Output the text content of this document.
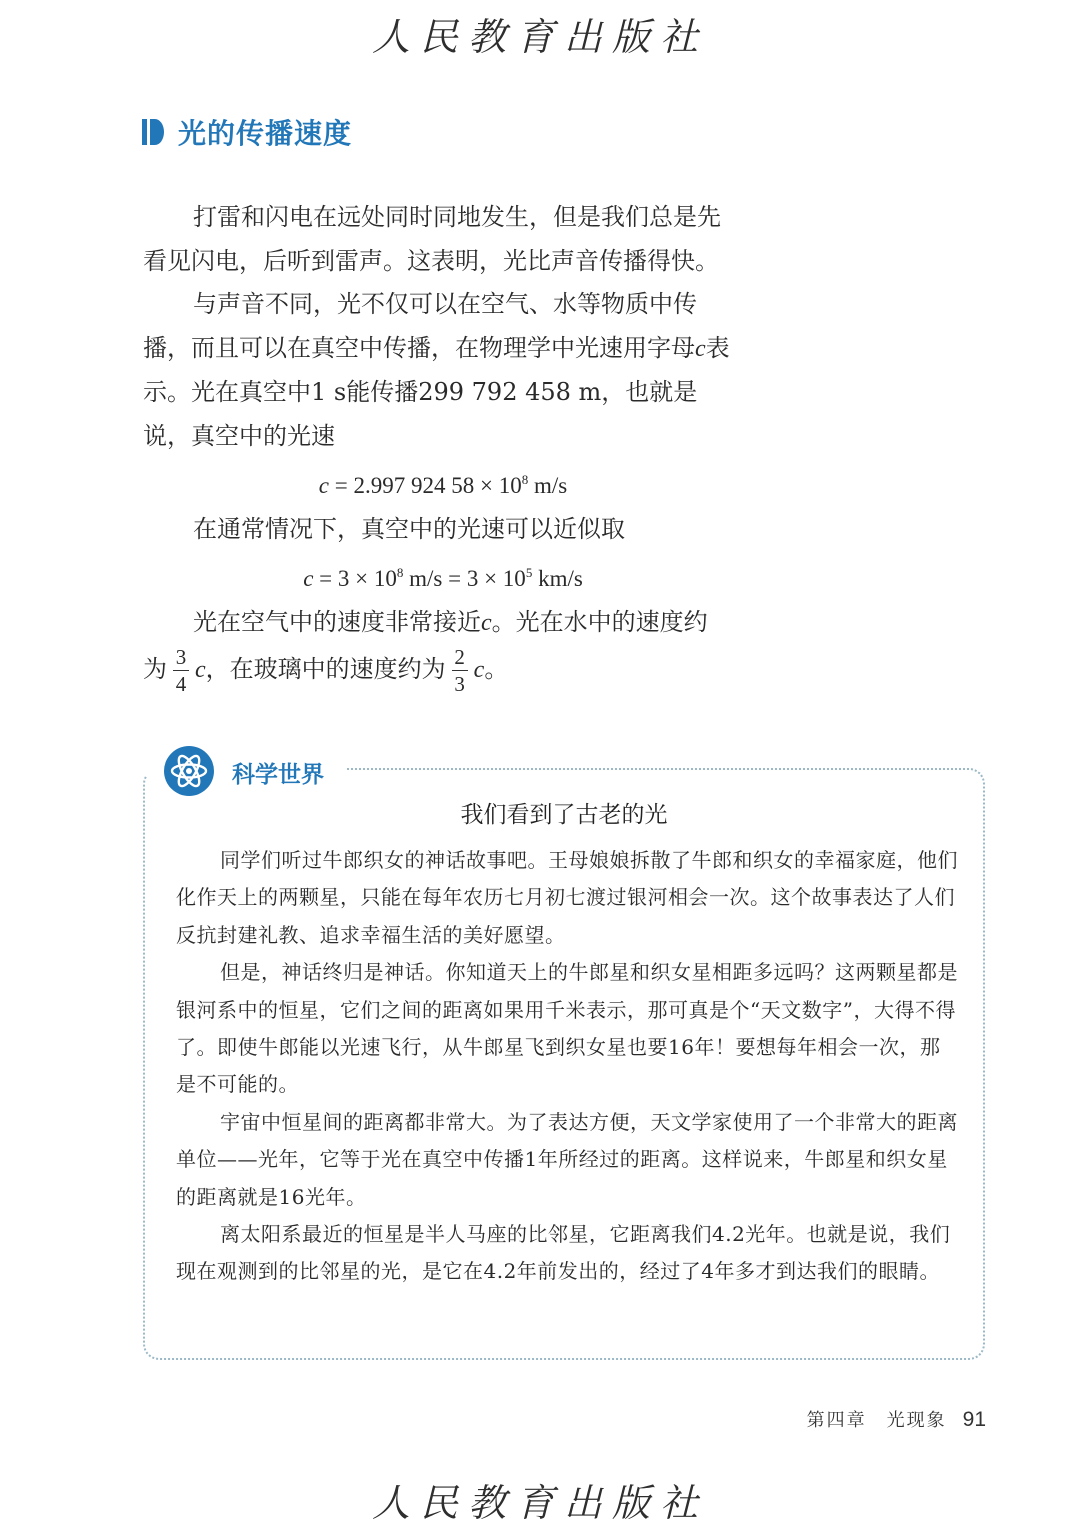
人民教育出版社
光的传播速度

打雷和闪电在远处同时同地发生，但是我们总是先看见闪电，后听到雷声。这表明，光比声音传播得快。

与声音不同，光不仅可以在空气、水等物质中传播，而且可以在真空中传播，在物理学中光速用字母c表示。光在真空中1 s能传播299 792 458 m，也就是说，真空中的光速

c = 2.997 924 $58 \times 10^8$ m/s

在通常情况下，真空中的光速可以近似取

$c = 3 \times 10^8$ $m/s = 3 \times 10^5$ km/s

光在空气中的速度非常接近c。光在水中的速度约

为 $\frac{3}{4}$ c，在玻璃中的速度约为 $\frac{2}{3}$ c。

科学世界
我们看到了古老的光

同学们听过牛郎织女的神话故事吧。王母娘娘拆散了牛郎和织女的幸福家庭，他们化作天上的两颗星，只能在每年农历七月初七渡过银河相会一次。这个故事表达了人们反抗封建礼教、追求幸福生活的美好愿望。

但是，神话终归是神话。你知道天上的牛郎星和织女星相距多远吗？这两颗星都是银河系中的恒星，它们之间的距离如果用千米表示，那可真是个“天文数字”，大得不得了。即使牛郎能以光速飞行，从牛郎星飞到织女星也要16年！要想每年相会一次，那是不可能的。

宇宙中恒星间的距离都非常大。为了表达方便，天文学家使用了一个非常大的距离单位——光年，它等于光在真空中传播1年所经过的距离。这样说来，牛郎星和织女星的距离就是16光年。

离太阳系最近的恒星是半人马座的比邻星，它距离我们4.2光年。也就是说，我们现在观测到的比邻星的光，是它在4.2年前发出的，经过了4年多才到达我们的眼睛。

第四章　光现象 91
人民教育出版社
